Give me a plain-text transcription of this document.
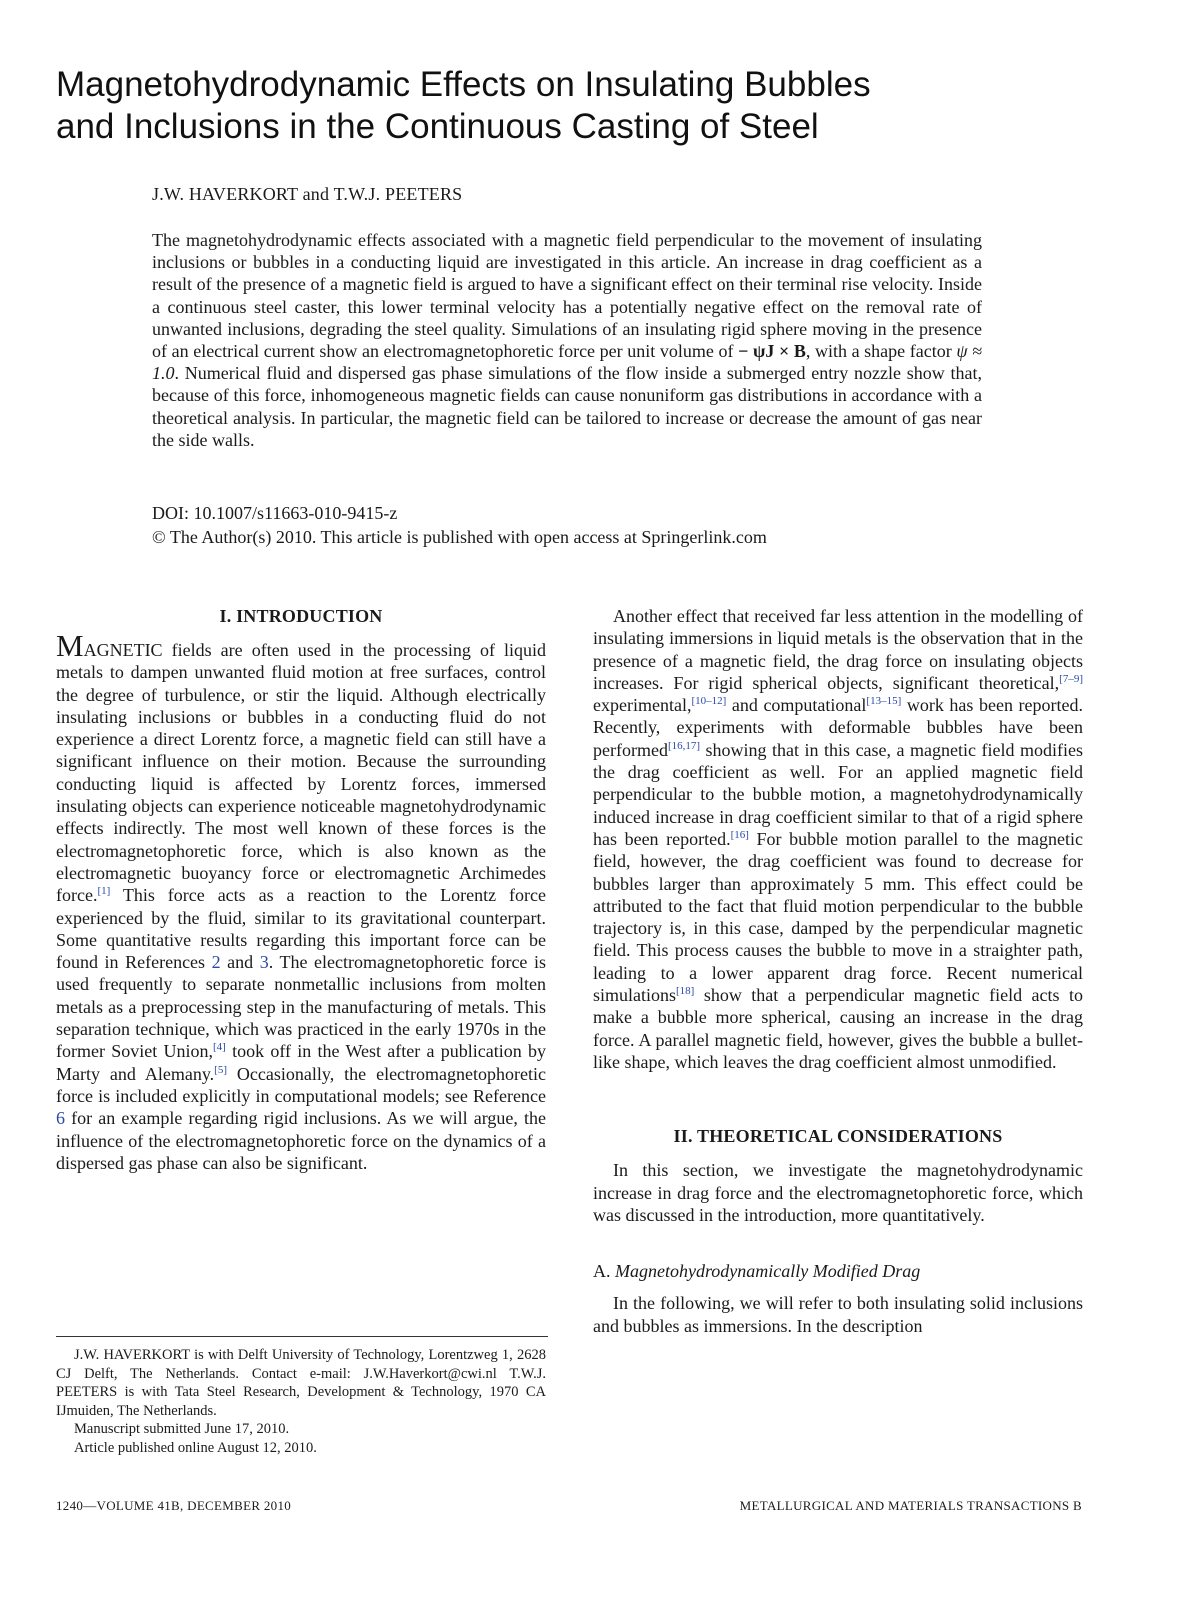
Magnetohydrodynamic Effects on Insulating Bubbles
and Inclusions in the Continuous Casting of Steel

J.W. HAVERKORT and T.W.J. PEETERS

The magnetohydrodynamic effects associated with a magnetic field perpendicular to the movement of insulating inclusions or bubbles in a conducting liquid are investigated in this article. An increase in drag coefficient as a result of the presence of a magnetic field is argued to have a significant effect on their terminal rise velocity. Inside a continuous steel caster, this lower terminal velocity has a potentially negative effect on the removal rate of unwanted inclusions, degrading the steel quality. Simulations of an insulating rigid sphere moving in the presence of an electrical current show an electromagnetophoretic force per unit volume of − ψJ × B, with a shape factor ψ ≈ 1.0. Numerical fluid and dispersed gas phase simulations of the flow inside a submerged entry nozzle show that, because of this force, inhomogeneous magnetic fields can cause nonuniform gas distributions in accordance with a theoretical analysis. In particular, the magnetic field can be tailored to increase or decrease the amount of gas near the side walls.

DOI: 10.1007/s11663-010-9415-z

© The Author(s) 2010. This article is published with open access at Springerlink.com

I. INTRODUCTION

MAGNETIC fields are often used in the processing of liquid metals to dampen unwanted fluid motion at free surfaces, control the degree of turbulence, or stir the liquid. Although electrically insulating inclusions or bubbles in a conducting fluid do not experience a direct Lorentz force, a magnetic field can still have a significant influence on their motion. Because the surrounding conducting liquid is affected by Lorentz forces, immersed insulating objects can experience noticeable magnetohydrodynamic effects indirectly. The most well known of these forces is the electromagnetophoretic force, which is also known as the electromagnetic buoyancy force or electromagnetic Archimedes force.[1] This force acts as a reaction to the Lorentz force experienced by the fluid, similar to its gravitational counterpart. Some quantitative results regarding this important force can be found in References 2 and 3. The electromagnetophoretic force is used frequently to separate nonmetallic inclusions from molten metals as a preprocessing step in the manufacturing of metals. This separation technique, which was practiced in the early 1970s in the former Soviet Union,[4] took off in the West after a publication by Marty and Alemany.[5] Occasionally, the electromagnetophoretic force is included explicitly in computational models; see Reference 6 for an example regarding rigid inclusions. As we will argue, the influence of the electromagnetophoretic force on the dynamics of a dispersed gas phase can also be significant.

Another effect that received far less attention in the modelling of insulating immersions in liquid metals is the observation that in the presence of a magnetic field, the drag force on insulating objects increases. For rigid spherical objects, significant theoretical,[7–9] experimental,[10–12] and computational[13–15] work has been reported. Recently, experiments with deformable bubbles have been performed[16,17] showing that in this case, a magnetic field modifies the drag coefficient as well. For an applied magnetic field perpendicular to the bubble motion, a magnetohydrodynamically induced increase in drag coefficient similar to that of a rigid sphere has been reported.[16] For bubble motion parallel to the magnetic field, however, the drag coefficient was found to decrease for bubbles larger than approximately 5 mm. This effect could be attributed to the fact that fluid motion perpendicular to the bubble trajectory is, in this case, damped by the perpendicular magnetic field. This process causes the bubble to move in a straighter path, leading to a lower apparent drag force. Recent numerical simulations[18] show that a perpendicular magnetic field acts to make a bubble more spherical, causing an increase in the drag force. A parallel magnetic field, however, gives the bubble a bullet-like shape, which leaves the drag coefficient almost unmodified.

II. THEORETICAL CONSIDERATIONS

In this section, we investigate the magnetohydrodynamic increase in drag force and the electromagnetophoretic force, which was discussed in the introduction, more quantitatively.

A. Magnetohydrodynamically Modified Drag

In the following, we will refer to both insulating solid inclusions and bubbles as immersions. In the description

J.W. HAVERKORT is with Delft University of Technology, Lorentzweg 1, 2628 CJ Delft, The Netherlands. Contact e-mail: J.W.Haverkort@cwi.nl T.W.J. PEETERS is with Tata Steel Research, Development & Technology, 1970 CA IJmuiden, The Netherlands.

Manuscript submitted June 17, 2010.

Article published online August 12, 2010.

1240—VOLUME 41B, DECEMBER 2010	METALLURGICAL AND MATERIALS TRANSACTIONS B
